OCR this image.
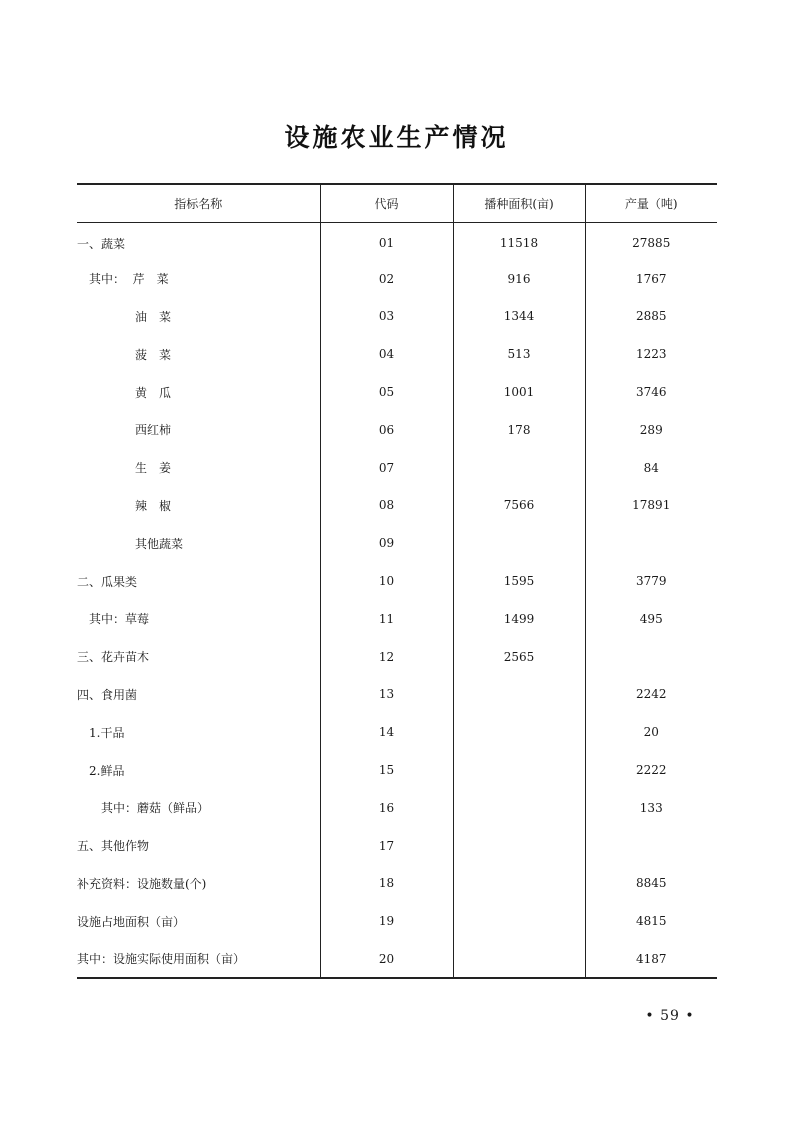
设施农业生产情况
指标名称	代码	播种面积(亩)	产量（吨)
一、蔬菜	01	11518	27885
其中：  芹　菜	02	916	1767
油　菜	03	1344	2885
菠　菜	04	513	1223
黄　瓜	05	1001	3746
西红柿	06	178	289
生　姜	07		84
辣　椒	08	7566	17891
其他蔬菜	09		
二、瓜果类	10	1595	3779
其中：草莓	11	1499	495
三、花卉苗木	12	2565	
四、食用菌	13		2242
1.干品	14		20
2.鲜品	15		2222
其中：蘑菇（鲜品）	16		133
五、其他作物	17		
补充资料：设施数量(个)	18		8845
设施占地面积（亩）	19		4815
其中：设施实际使用面积（亩）	20		4187
• 59 •
